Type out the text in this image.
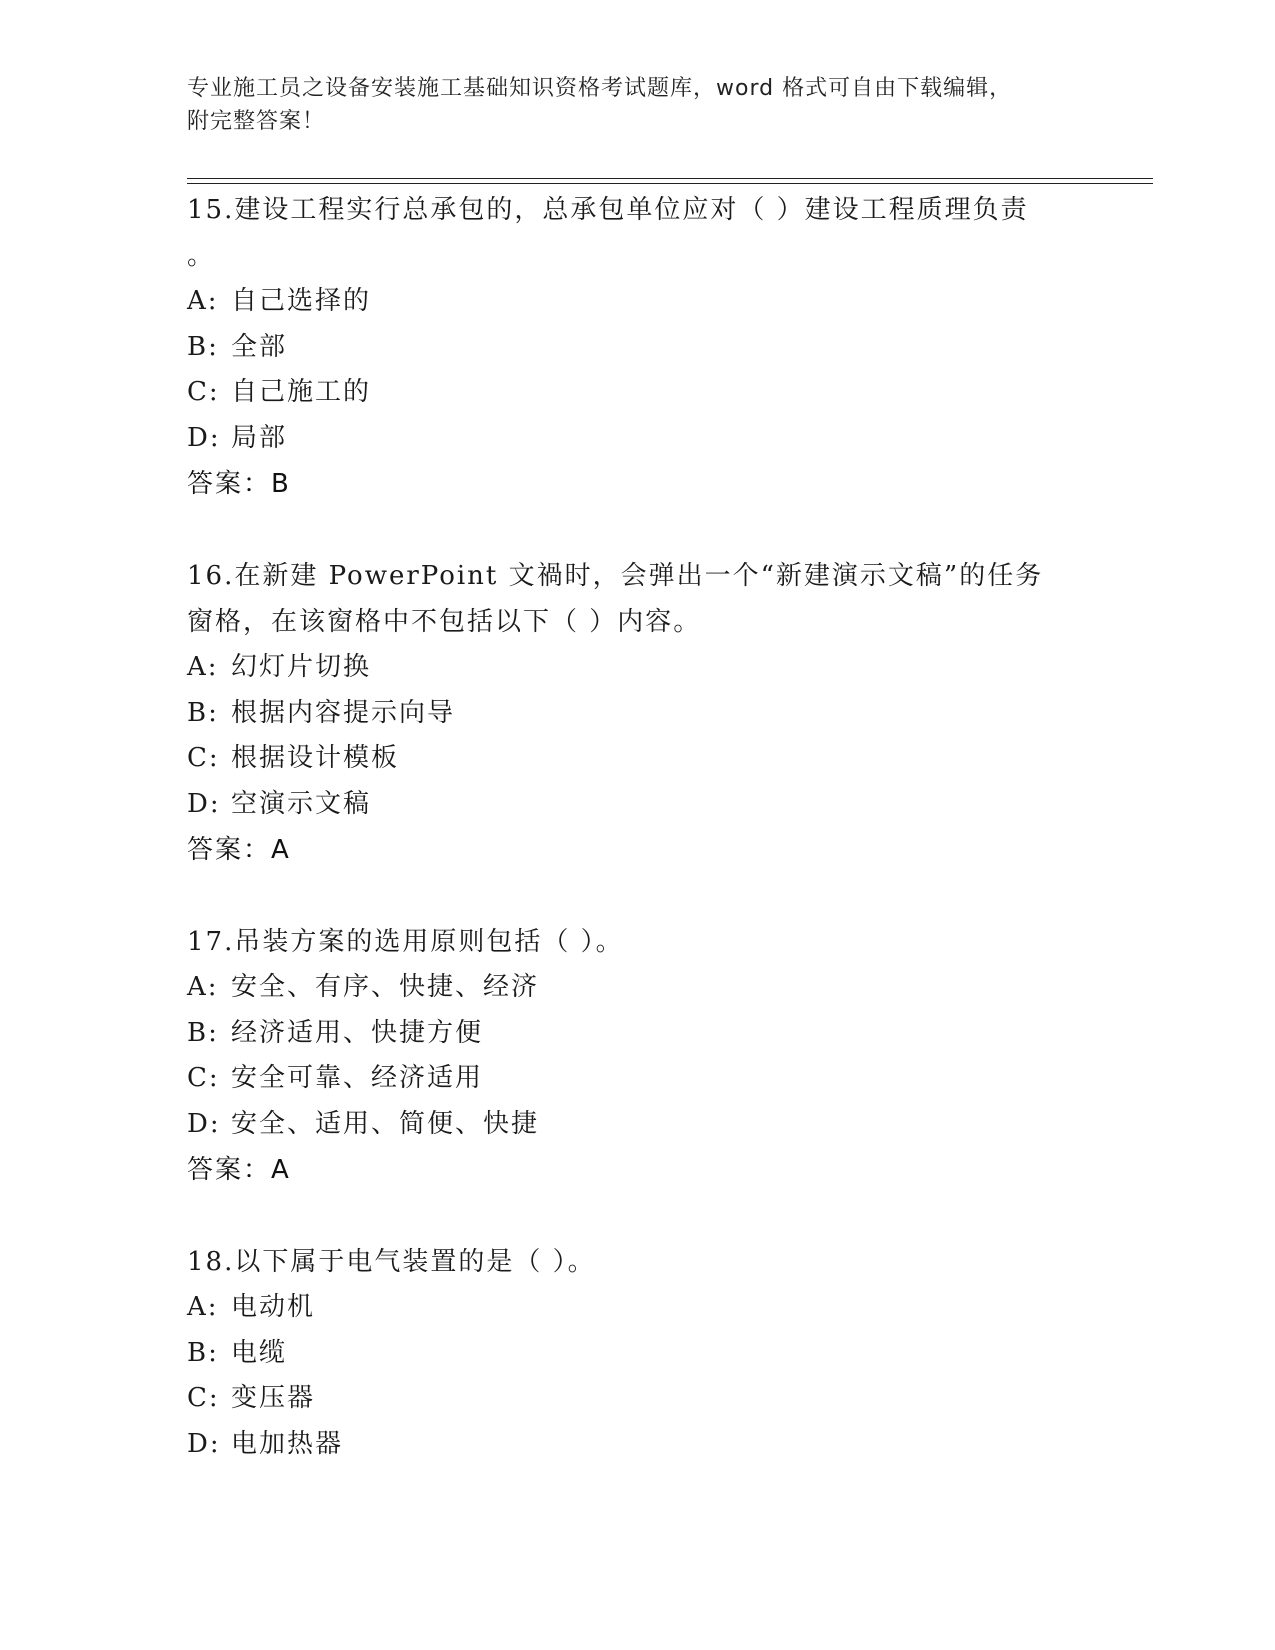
专业施工员之设备安装施工基础知识资格考试题库，word 格式可自由下载编辑，
附完整答案！

15.建设工程实行总承包的，总承包单位应对（ ）建设工程质理负责

。

A: 自己选择的
B: 全部
C: 自己施工的
D: 局部
答案：B

16.在新建 PowerPoint 文禍时，会弹出一个“新建演示文稿”的任务

窗格，在该窗格中不包括以下（ ）内容。

A: 幻灯片切换
B: 根据内容提示向导
C: 根据设计模板
D: 空演示文稿
答案：A

17.吊装方案的选用原则包括（ ）。

A: 安全、有序、快捷、经济
B: 经济适用、快捷方便
C: 安全可靠、经济适用
D: 安全、适用、简便、快捷
答案：A

18.以下属于电气装置的是（ ）。

A: 电动机
B: 电缆
C: 变压器
D: 电加热器
